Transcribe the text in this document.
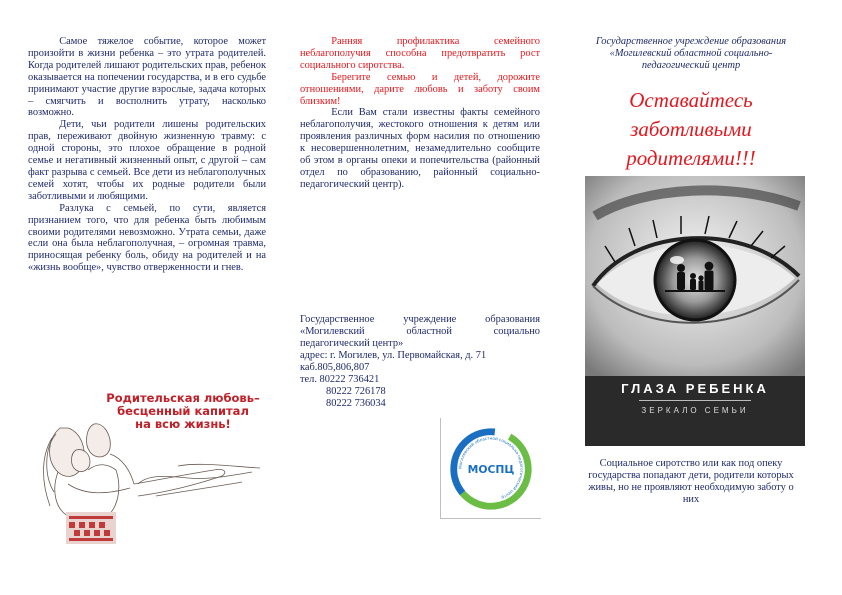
Самое тяжелое событие, которое может произойти в жизни ребенка – это утрата родителей. Когда родителей лишают родительских прав, ребенок оказывается на попечении государства, и в его судьбе принимают участие другие взрослые, задача которых – смягчить и восполнить утрату, насколько возможно.

Дети, чьи родители лишены родительских прав, переживают двойную жизненную травму: с одной стороны, это плохое обращение в родной семье и негативный жизненный опыт, с другой – сам факт разрыва с семьей. Все дети из неблагополучных семей хотят, чтобы их родные родители были заботливыми и любящими.

Разлука с семьей, по сути, является признанием того, что для ребенка быть любимым своими родителями невозможно. Утрата семьи, даже если она была неблагополучная, – огромная травма, приносящая ребенку боль, обиду на родителей и на «жизнь вообще», чувство отверженности и гнев.

Родительская любовь–
бесценный капитал
на всю жизнь!

Ранняя профилактика семейного неблагополучия способна предотвратить рост социального сиротства.

Берегите семью и детей, дорожите отношениями, дарите любовь и заботу своим близким!

Если Вам стали известны факты семейного неблагополучия, жестокого отношения к детям или проявления различных форм насилия по отношению к несовершеннолетним, незамедлительно сообщите об этом в органы опеки и попечительства (районный отдел по образованию, районный социально-педагогический центр).

Государственное учреждение образования
«Могилевский областной социально
педагогический центр»
адрес: г. Могилев, ул. Первомайская, д. 71
каб.805,806,807
тел. 80222 736421
80222 726178
80222 736034
Могилевский областной социально-педагогический центр
МОСПЦ

Государственное учреждение образования «Могилевский областной социально-педагогический центр

Оставайтесь заботливыми родителями!!!

ГЛАЗА РЕБЕНКА
ЗЕРКАЛО СЕМЬИ
Социальное сиротство или как под опеку государства попадают дети, родители которых живы, но не проявляют необходимую заботу о них
